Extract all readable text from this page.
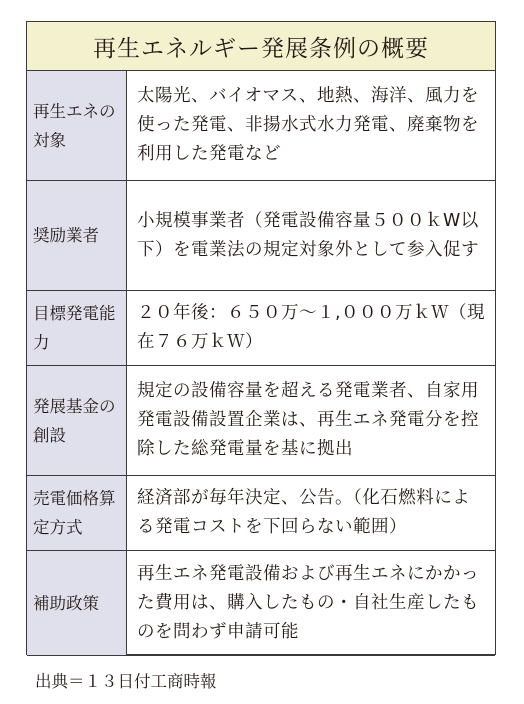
再生エネルギー発展条例の概要
再生エネの対象
太陽光、バイオマス、地熱、海洋、風力を使った発電、非揚水式水力発電、廃棄物を利用した発電など
奨励業者
小規模事業者（発電設備容量５００ｋW以下）を電業法の規定対象外として参入促す
目標発電能力
２０年後：６５０万～１,０００万ｋＷ（現在７６万ｋＷ）
発展基金の創設
規定の設備容量を超える発電業者、自家用発電設備設置企業は、再生エネ発電分を控除した総発電量を基に拠出
売電価格算定方式
経済部が毎年決定、公告。（化石燃料による発電コストを下回らない範囲）
補助政策
再生エネ発電設備および再生エネにかかった費用は、購入したもの・自社生産したものを問わず申請可能
出典＝１３日付工商時報
